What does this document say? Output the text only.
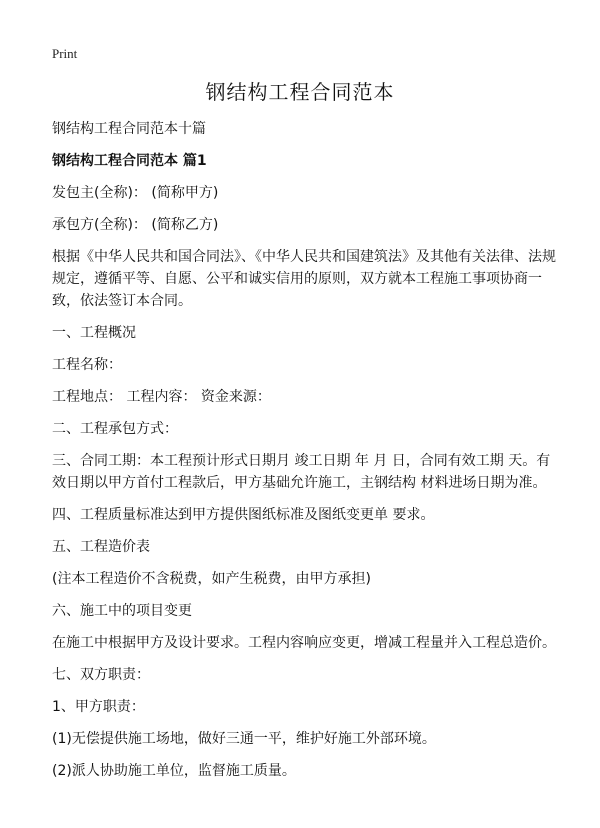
Print
钢结构工程合同范本

钢结构工程合同范本十篇

钢结构工程合同范本 篇1

发包主(全称)： (简称甲方)

承包方(全称)： (简称乙方)

根据《中华人民共和国合同法》、《中华人民共和国建筑法》及其他有关法律、法规规定，遵循平等、自愿、公平和诚实信用的原则，双方就本工程施工事项协商一致，依法签订本合同。

一、工程概况

工程名称：

工程地点： 工程内容： 资金来源：

二、工程承包方式：

三、合同工期：本工程预计形式日期月 竣工日期 年 月 日，合同有效工期 天。有效日期以甲方首付工程款后，甲方基础允许施工，主钢结构 材料进场日期为准。

四、工程质量标准达到甲方提供图纸标准及图纸变更单 要求。

五、工程造价表

(注本工程造价不含税费，如产生税费，由甲方承担)

六、施工中的项目变更

在施工中根据甲方及设计要求。工程内容响应变更，增减工程量并入工程总造价。

七、双方职责：

1、甲方职责：

(1)无偿提供施工场地，做好三通一平，维护好施工外部环境。

(2)派人协助施工单位，监督施工质量。
